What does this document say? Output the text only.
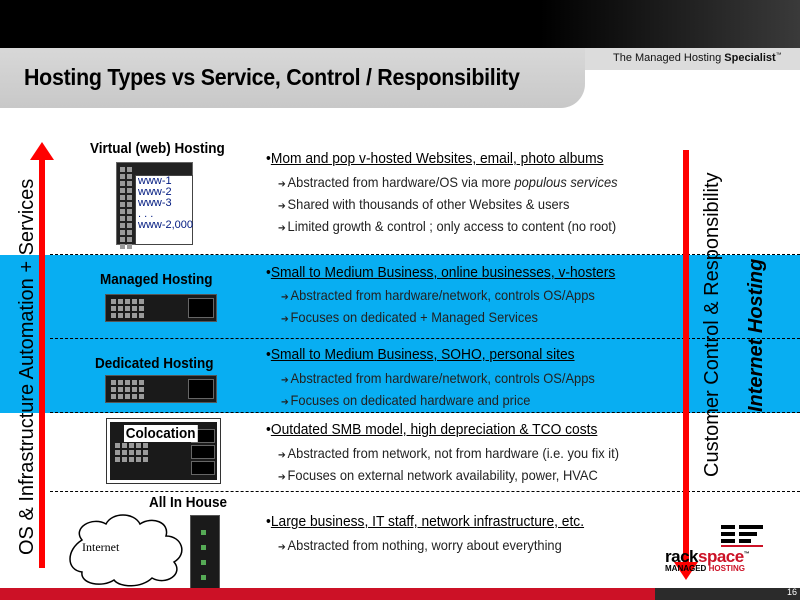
The Managed Hosting Specialist™
Hosting Types vs Service, Control / Responsibility
OS & Infrastructure Automation + Services	Customer Control & Responsibility Internet Hosting
Virtual (web) Hosting
www-1
www-2
www-3
. . .
www-2,000
Managed Hosting
Dedicated Hosting
Colocation
All In House
Internet
•Mom and pop v-hosted Websites, email, photo albums
➔ Abstracted from hardware/OS via more populous services
➔ Shared with thousands of other Websites & users
➔ Limited growth & control ; only access to content (no root)
•Small to Medium Business, online businesses, v-hosters
➔ Abstracted from hardware/network, controls OS/Apps
➔ Focuses on dedicated + Managed Services
•Small to Medium Business, SOHO, personal sites
➔ Abstracted from hardware/network, controls OS/Apps
➔ Focuses on dedicated hardware and price
•Outdated SMB model, high depreciation & TCO costs
➔ Abstracted from network, not from hardware (i.e. you fix it)
➔ Focuses on external network availability, power, HVAC
•Large business, IT staff, network infrastructure, etc.
➔ Abstracted from nothing, worry about everything
rackspace™
MANAGED HOSTING
16
